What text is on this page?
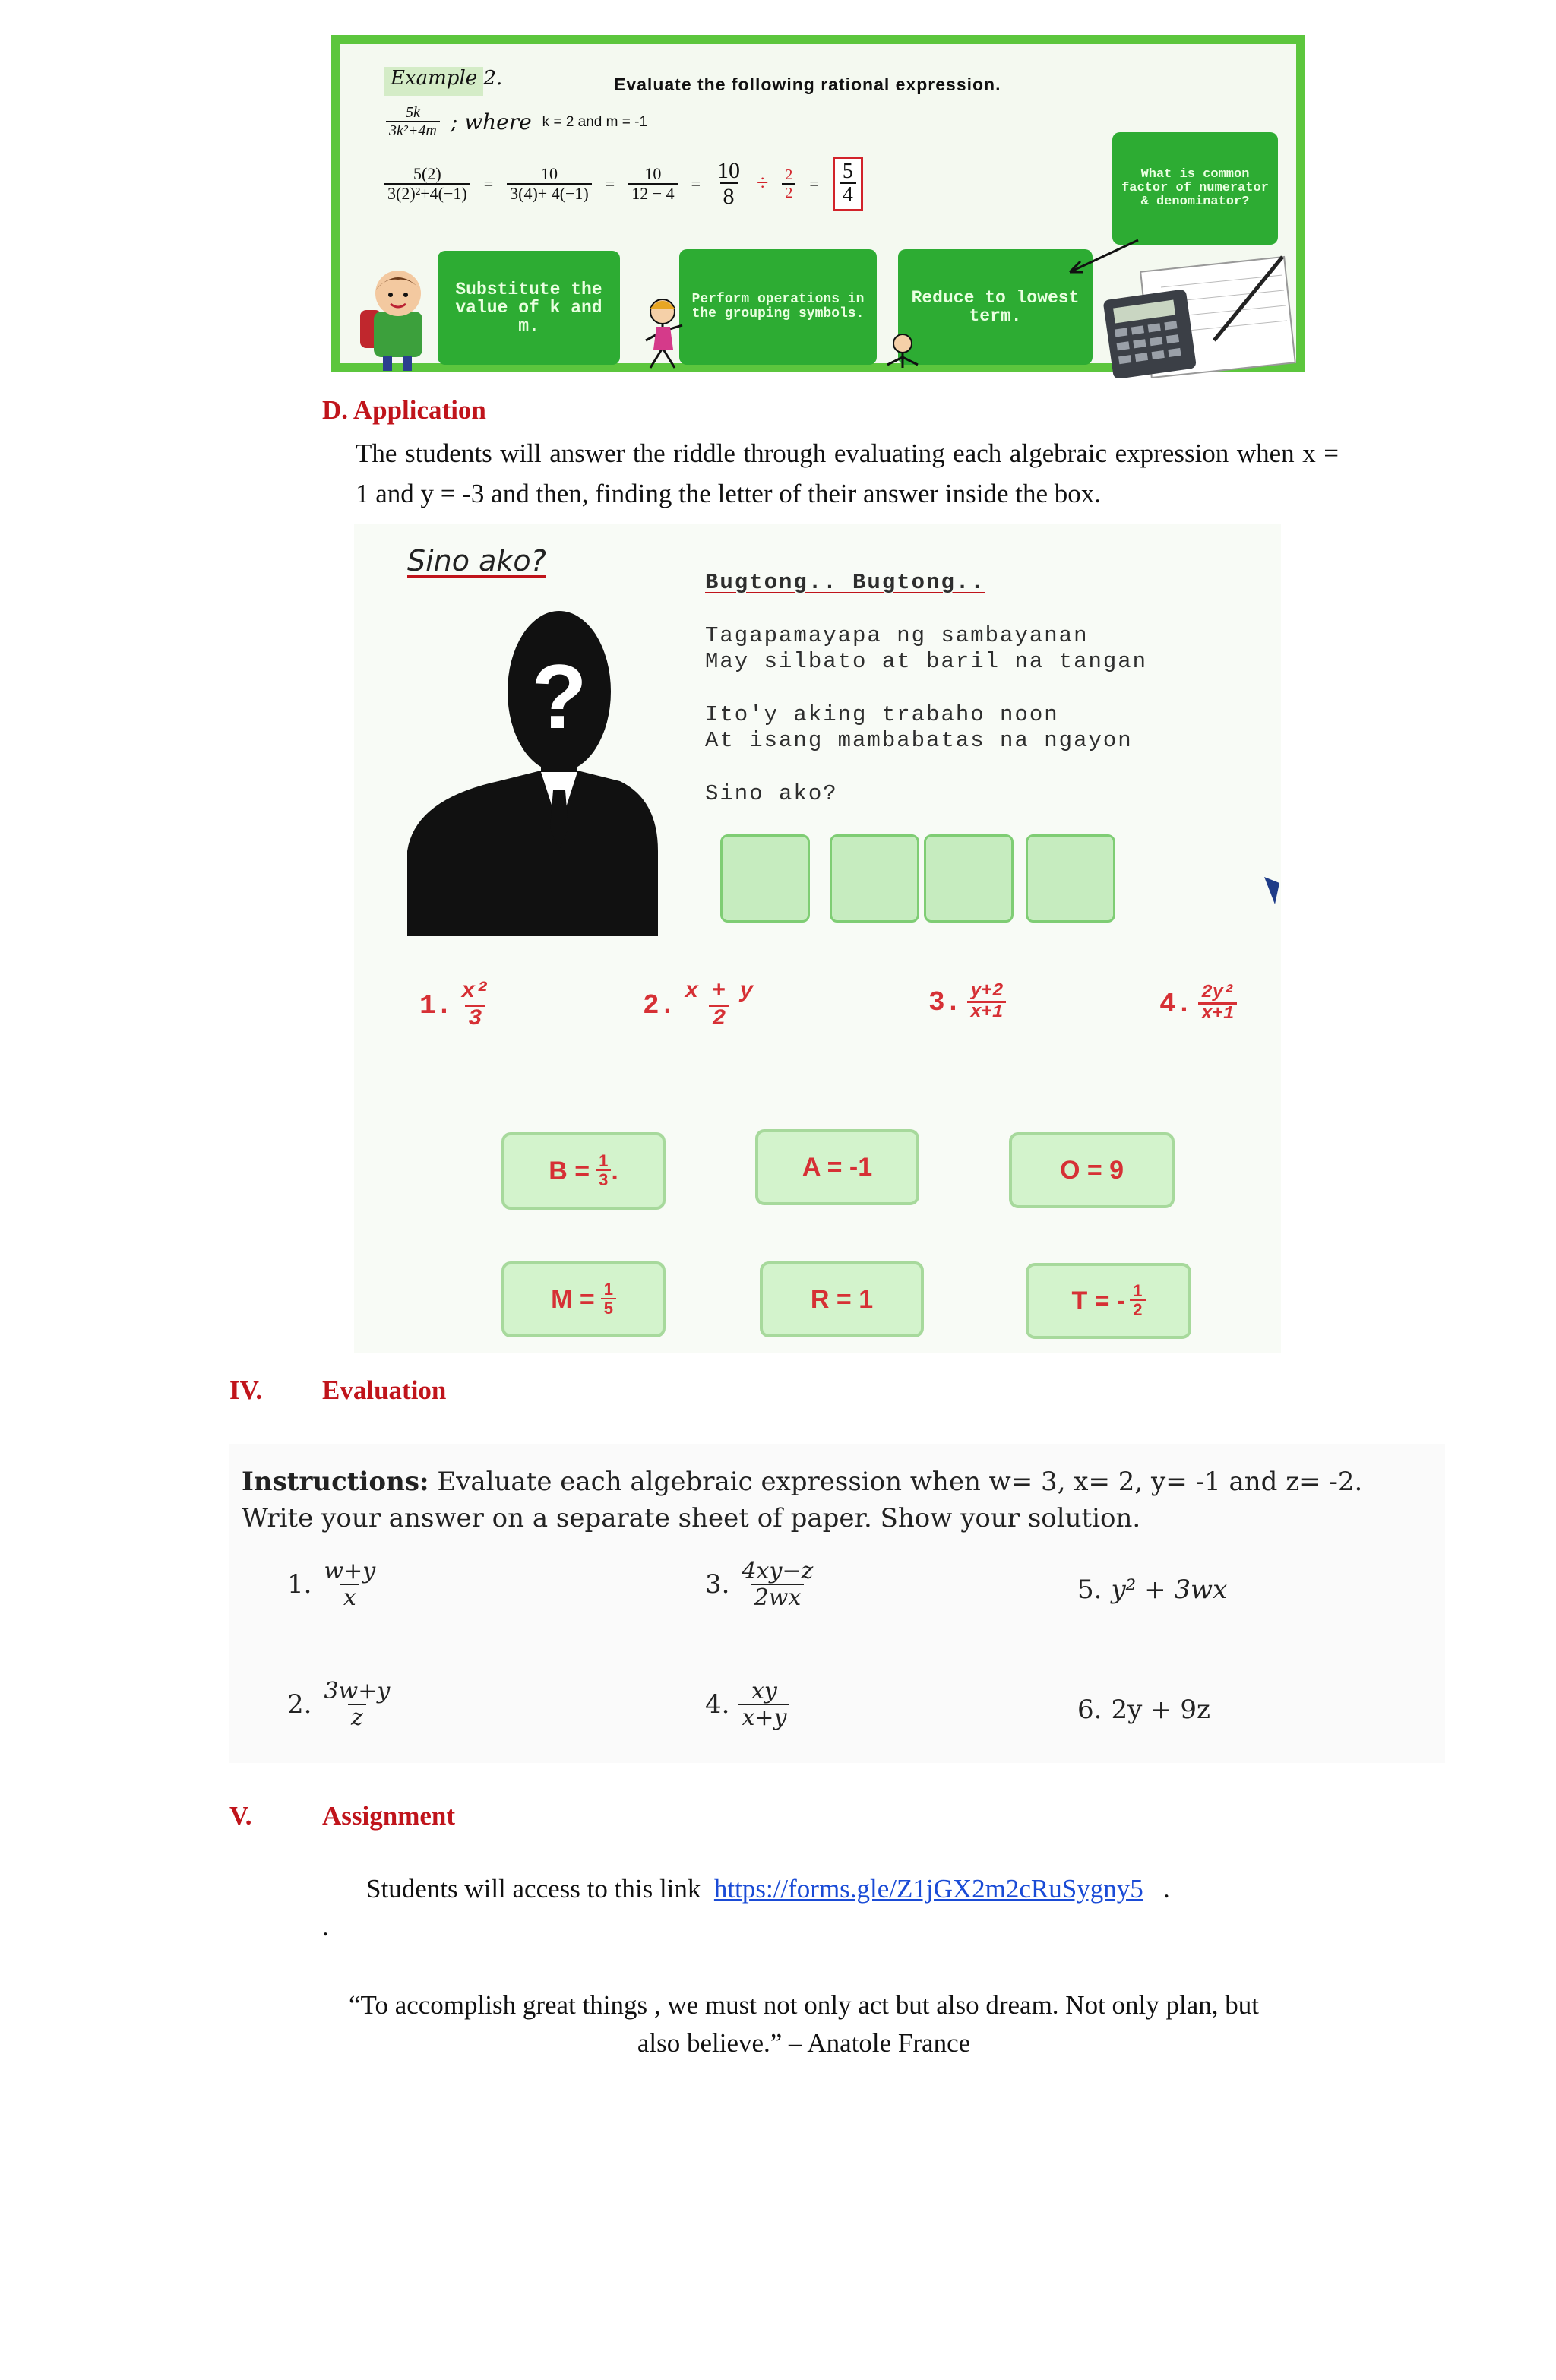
Example 2.	Evaluate the following rational expression.
$\frac{5k}{\text{3k²+4m}}$ ; where k = 2 and m = -1
$\frac{5(2)}{\text{3(2)²+4(−1)}} = \frac{10}{3(4)+ 4(-1)} = \frac{10}{12 - 4} = \frac{10}{8} \div \frac{2}{2} = \frac{5}{4}$	What is common factor of numerator & denominator?
Substitute the value of k and m.
Perform operations in the grouping symbols.
Reduce to lowest term.
D. Application
The students will answer the riddle through evaluating each algebraic expression when x = 1 and y = -3 and then, finding the letter of their answer inside the box.
Sino ako?
?
Bugtong.. Bugtong..
Tagapamayapa ng sambayanan
May silbato at baril na tangan
Ito'y aking trabaho noon
At isang mambabatas na ngayon
Sino ako?
1. $\frac{\text{x²}}{3}$	2. $\frac{x + y}{2}$	3. $\frac{y+2}{x+1}$	4. $\frac{\text{2y²}}{x+1}$
$B = \frac{1}{3}$ .	A = -1	O = 9
$M = \frac{1}{5}$	R = 1	T = - $\frac{1}{2}$
IV. Evaluation
Instructions: Evaluate each algebraic expression when w= 3, x= 2, y= -1 and z= -2.
Write your answer on a separate sheet of paper. Show your solution.
1. $\frac{w+y}{x}$	3. $\frac{4xy-z}{2wx}$	5. y² + 3wx
2. $\frac{3w+y}{z}$	4. $\frac{xy}{x+y}$	6. 2y + 9z
V.	Assignment
Students will access to this link https://forms.gle/Z1jGX2m2cRuSygny5 .
.
“To accomplish great things , we must not only act but also dream. Not only plan, but
also believe.” – Anatole France
